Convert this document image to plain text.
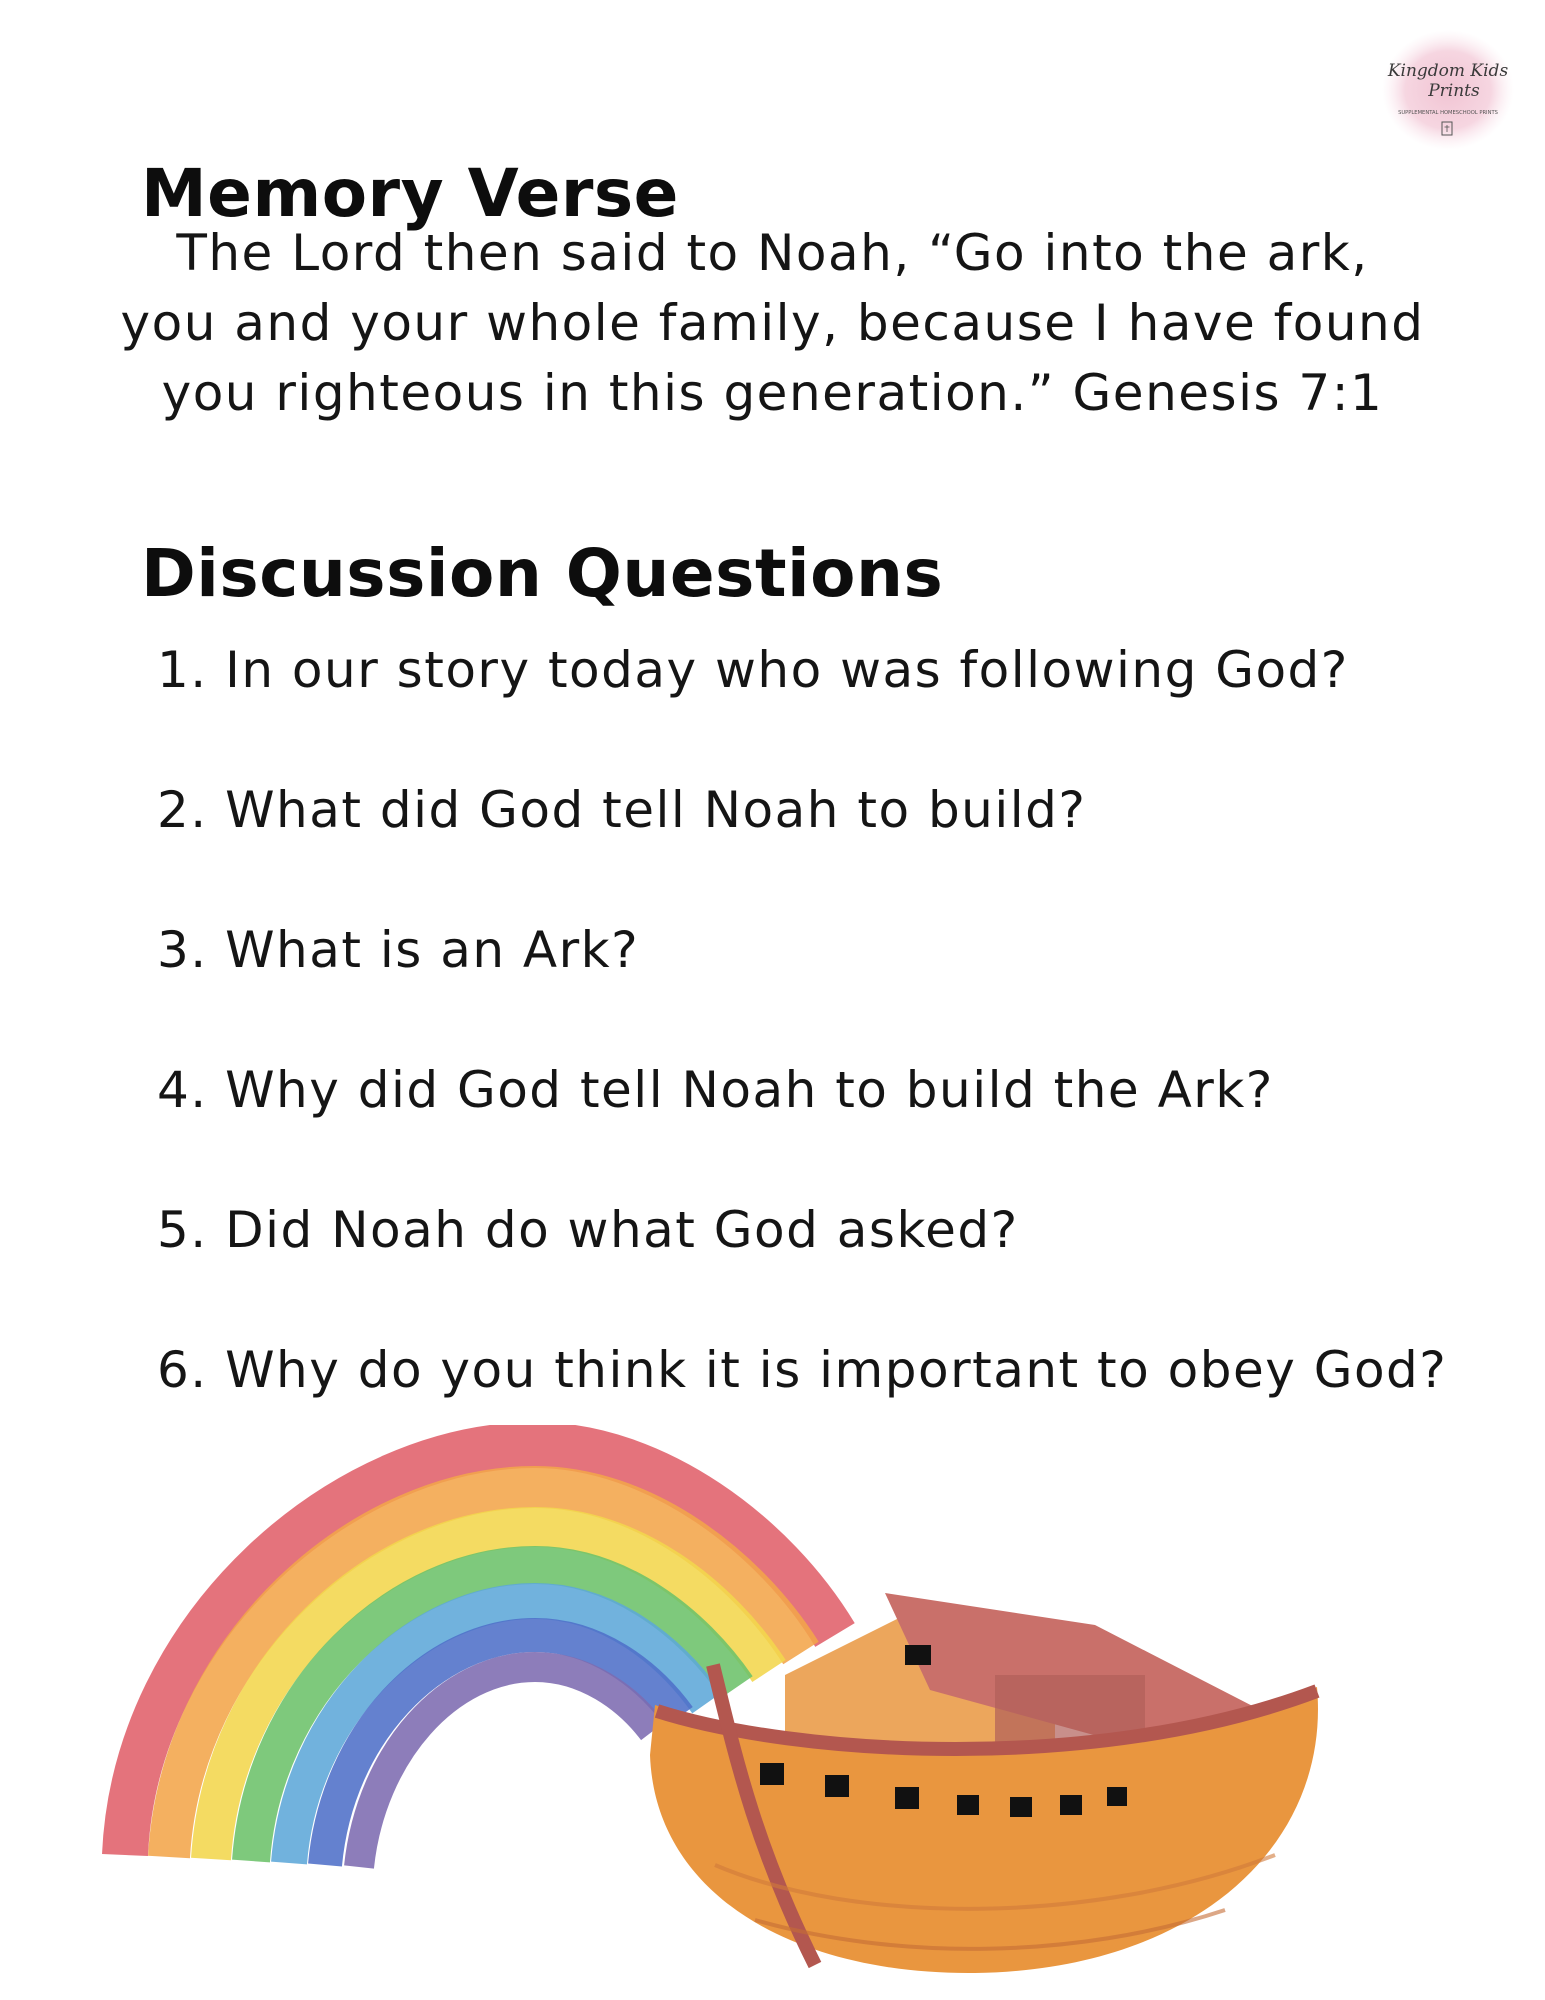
Kingdom Kids
Prints
SUPPLEMENTAL HOMESCHOOL PRINTS
Memory Verse

The Lord then said to Noah, “Go into the ark,
you and your whole family, because I have found
you righteous in this generation.” Genesis 7:1

Discussion Questions
1. In our story today who was following God?
2. What did God tell Noah to build?
3. What is an Ark?
4. Why did God tell Noah to build the Ark?
5. Did Noah do what God asked?
6. Why do you think it is important to obey God?
